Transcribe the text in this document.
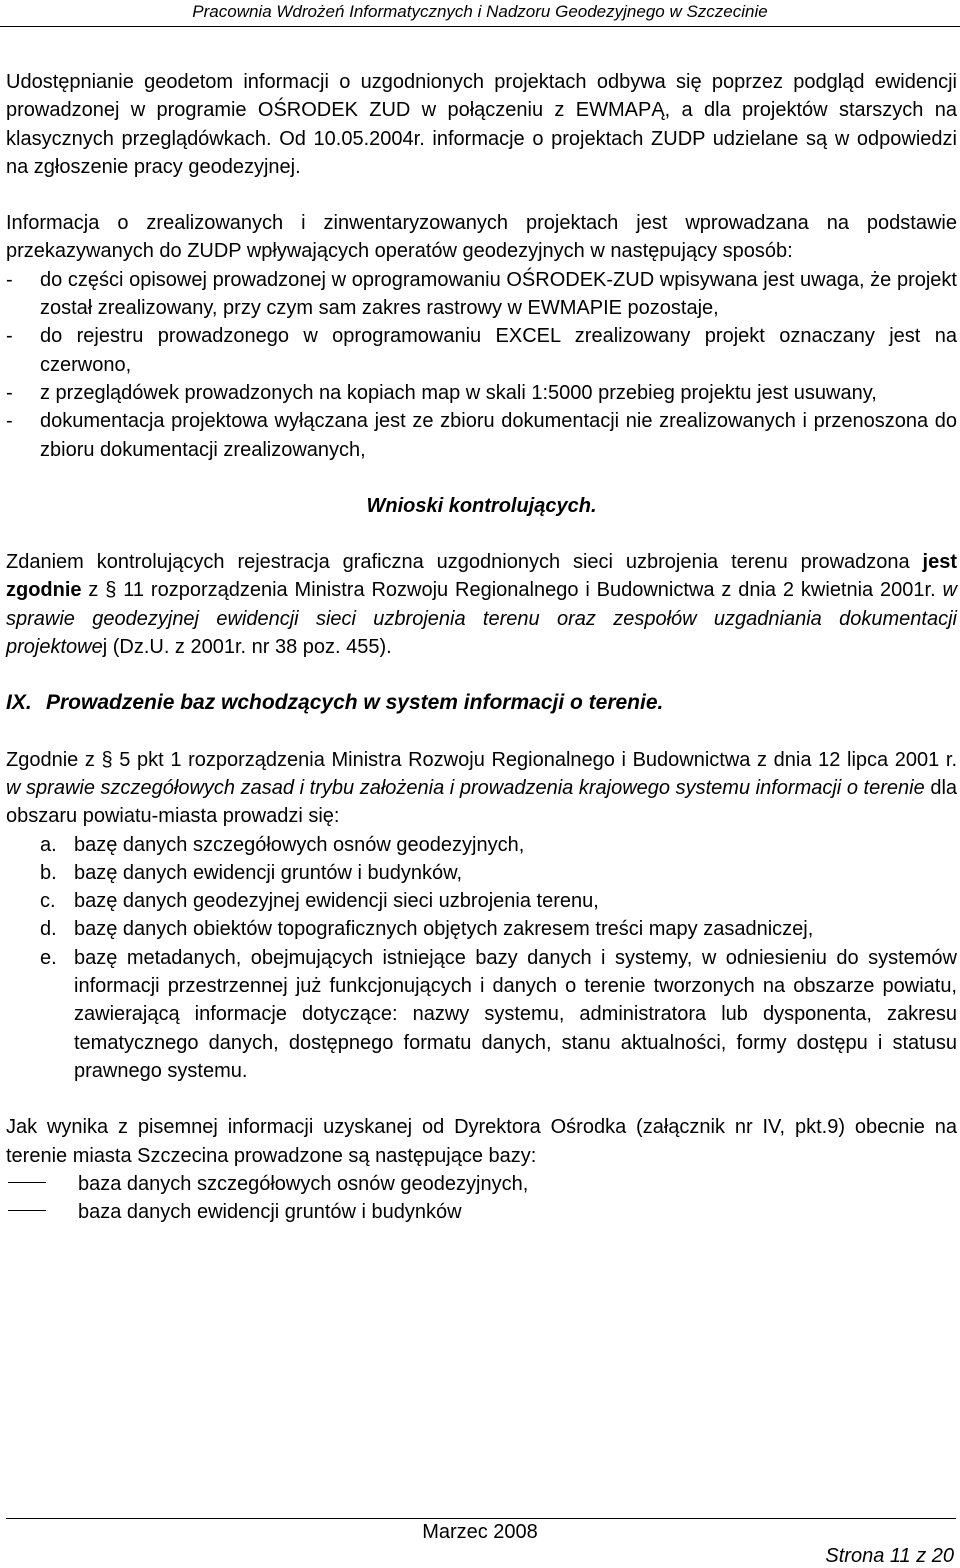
Pracownia Wdrożeń Informatycznych i Nadzoru Geodezyjnego w Szczecinie

Udostępnianie geodetom informacji o uzgodnionych projektach odbywa się poprzez podgląd ewidencji prowadzonej w programie OŚRODEK ZUD w połączeniu z EWMAPĄ, a dla projektów starszych na klasycznych przeglądówkach. Od 10.05.2004r. informacje o projektach ZUDP udzielane są w odpowiedzi na zgłoszenie pracy geodezyjnej.

Informacja o zrealizowanych i zinwentaryzowanych projektach jest wprowadzana na podstawie przekazywanych do ZUDP wpływających operatów geodezyjnych w następujący sposób:

-	do części opisowej prowadzonej w oprogramowaniu OŚRODEK-ZUD wpisywana jest uwaga, że projekt został zrealizowany, przy czym sam zakres rastrowy w EWMAPIE pozostaje,
-	do rejestru prowadzonego w oprogramowaniu EXCEL zrealizowany projekt oznaczany jest na czerwono,
-	z przeglądówek prowadzonych na kopiach map w skali 1:5000 przebieg projektu jest usuwany,
-	dokumentacja projektowa wyłączana jest ze zbioru dokumentacji nie zrealizowanych i przenoszona do zbioru dokumentacji zrealizowanych,

Wnioski kontrolujących.

Zdaniem kontrolujących rejestracja graficzna uzgodnionych sieci uzbrojenia terenu prowadzona jest zgodnie z § 11 rozporządzenia Ministra Rozwoju Regionalnego i Budownictwa z dnia 2 kwietnia 2001r. w sprawie geodezyjnej ewidencji sieci uzbrojenia terenu oraz zespołów uzgadniania dokumentacji projektowej (Dz.U. z 2001r. nr 38 poz. 455).

IX. Prowadzenie baz wchodzących w system informacji o terenie.

Zgodnie z § 5 pkt 1 rozporządzenia Ministra Rozwoju Regionalnego i Budownictwa z dnia 12 lipca 2001 r. w sprawie szczegółowych zasad i trybu założenia i prowadzenia krajowego systemu informacji o terenie dla obszaru powiatu-miasta prowadzi się:

a. bazę danych szczegółowych osnów geodezyjnych,
b. bazę danych ewidencji gruntów i budynków,
c. bazę danych geodezyjnej ewidencji sieci uzbrojenia terenu,
d. bazę danych obiektów topograficznych objętych zakresem treści mapy zasadniczej,
e. bazę metadanych, obejmujących istniejące bazy danych i systemy, w odniesieniu do systemów informacji przestrzennej już funkcjonujących i danych o terenie tworzonych na obszarze powiatu, zawierającą informacje dotyczące: nazwy systemu, administratora lub dysponenta, zakresu tematycznego danych, dostępnego formatu danych, stanu aktualności, formy dostępu i statusu prawnego systemu.

Jak wynika z pisemnej informacji uzyskanej od Dyrektora Ośrodka (załącznik nr IV, pkt.9) obecnie na terenie miasta Szczecina prowadzone są następujące bazy:

baza danych szczegółowych osnów geodezyjnych,
baza danych ewidencji gruntów i budynków
Marzec 2008
Strona 11 z 20
